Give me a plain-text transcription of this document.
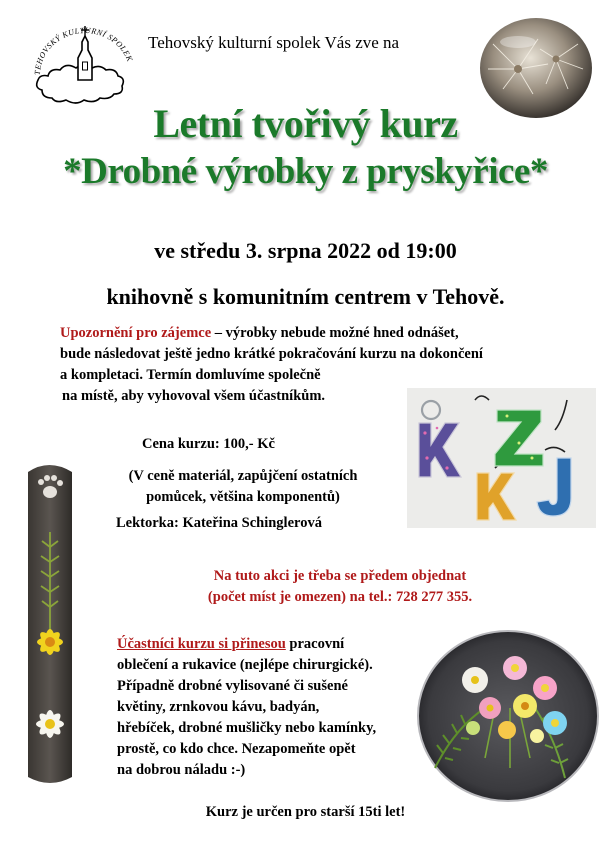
TEHOVSKÝ KULTURNÍ SPOLEK
Tehovský kulturní spolek Vás zve na
Letní tvořivý kurz
*Drobné výrobky z pryskyřice*
ve středu 3. srpna 2022 od 19:00
knihovně s komunitním centrem v Tehově.
Upozornění pro zájemce – výrobky nebude možné hned odnášet,
bude následovat ještě jedno krátké pokračování kurzu na dokončení
a kompletaci. Termín domluvíme společně
na místě, aby vyhovoval všem účastníkům.
Cena kurzu: 100,- Kč
(V ceně materiál, zapůjčení ostatních
pomůcek, většina komponentů)
Lektorka: Kateřina Schinglerová
Na tuto akci je třeba se předem objednat
(počet míst je omezen) na tel.: 728 277 355.
Účastníci kurzu si přinesou pracovní
oblečení a rukavice (nejlépe chirurgické).
Případně drobné vylisované či sušené
květiny, zrnkovou kávu, badyán,
hřebíček, drobné mušličky nebo kamínky,
prostě, co kdo chce. Nezapomeňte opět
na dobrou náladu :-)
Kurz je určen pro starší 15ti let!
